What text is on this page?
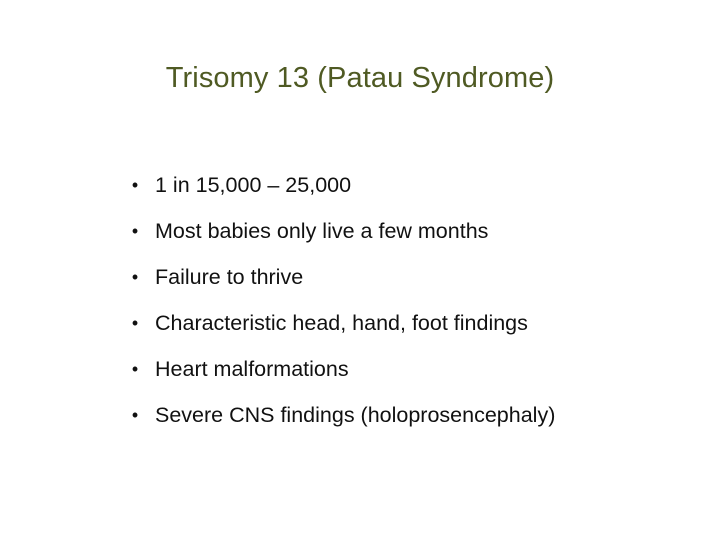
Trisomy 13 (Patau Syndrome)
• 1 in 15,000 – 25,000
• Most babies only live a few months
• Failure to thrive
• Characteristic head, hand, foot findings
• Heart malformations
• Severe CNS findings (holoprosencephaly)
